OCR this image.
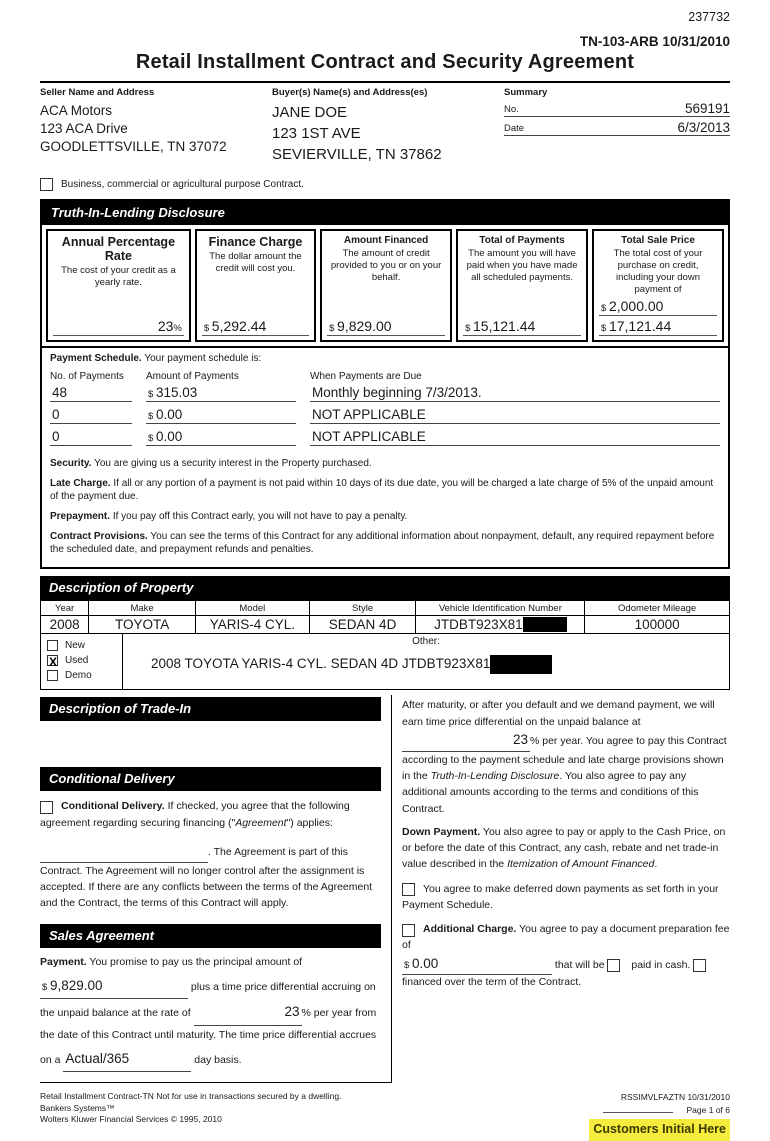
237732
TN-103-ARB 10/31/2010
Retail Installment Contract and Security Agreement
Seller Name and Address
ACA Motors
123 ACA Drive
GOODLETTSVILLE, TN 37072
Buyer(s) Name(s) and Address(es)
JANE DOE
123 1ST AVE
SEVIERVILLE, TN 37862
Summary
No.	569191
Date	6/3/2013
Business, commercial or agricultural purpose Contract.
Truth-In-Lending Disclosure
Annual Percentage Rate
The cost of your credit as a yearly rate.
23%
Finance Charge
The dollar amount the credit will cost you.
$ 5,292.44
Amount Financed
The amount of credit provided to you or on your behalf.
$ 9,829.00
Total of Payments
The amount you will have paid when you have made all scheduled payments.
$ 15,121.44
Total Sale Price
The total cost of your purchase on credit, including your down payment of
$ 2,000.00
$ 17,121.44
Payment Schedule. Your payment schedule is:
No. of Payments	Amount of Payments	When Payments are Due
48	$ 315.03	Monthly beginning 7/3/2013.
0	$ 0.00	NOT APPLICABLE
0	$ 0.00	NOT APPLICABLE
Security. You are giving us a security interest in the Property purchased.
Late Charge. If all or any portion of a payment is not paid within 10 days of its due date, you will be charged a late charge of 5% of the unpaid amount of the payment due.
Prepayment. If you pay off this Contract early, you will not have to pay a penalty.
Contract Provisions. You can see the terms of this Contract for any additional information about nonpayment, default, any required repayment before the scheduled date, and prepayment refunds and penalties.
Description of Property
Year	Make	Model	Style	Vehicle Identification Number	Odometer Mileage
2008	TOYOTA	YARIS-4 CYL.	SEDAN 4D	JTDBT923X81	100000
New
X
Used
Demo
Other:
2008 TOYOTA YARIS-4 CYL. SEDAN 4D JTDBT923X81
Description of Trade-In
Conditional Delivery
Conditional Delivery. If checked, you agree that the following agreement regarding securing financing ("Agreement") applies:
. The Agreement is part of this Contract. The Agreement will no longer control after the assignment is accepted. If there are any conflicts between the terms of the Agreement and the Contract, the terms of this Contract will apply.
Sales Agreement
Payment. You promise to pay us the principal amount of $ 9,829.00	plus a time price differential accruing on the unpaid balance at the rate of	23 % per year from the date of this Contract until maturity. The time price differential accrues on a Actual/365	day basis.
After maturity, or after you default and we demand payment, we will earn time price differential on the unpaid balance at 23 % per year. You agree to pay this Contract according to the payment schedule and late charge provisions shown in the Truth-In-Lending Disclosure. You also agree to pay any additional amounts according to the terms and conditions of this Contract.
Down Payment. You also agree to pay or apply to the Cash Price, on or before the date of this Contract, any cash, rebate and net trade-in value described in the Itemization of Amount Financed.
You agree to make deferred down payments as set forth in your Payment Schedule.
Additional Charge. You agree to pay a document preparation fee of
$ 0.00	that will be	paid in cash.  financed over the term of the Contract.
Retail Installment Contract-TN Not for use in transactions secured by a dwelling.
Bankers Systems™
Wolters Kluwer Financial Services © 1995, 2010
RSSIMVLFAZTN 10/31/2010
Page 1 of 6
Customers Initial Here
